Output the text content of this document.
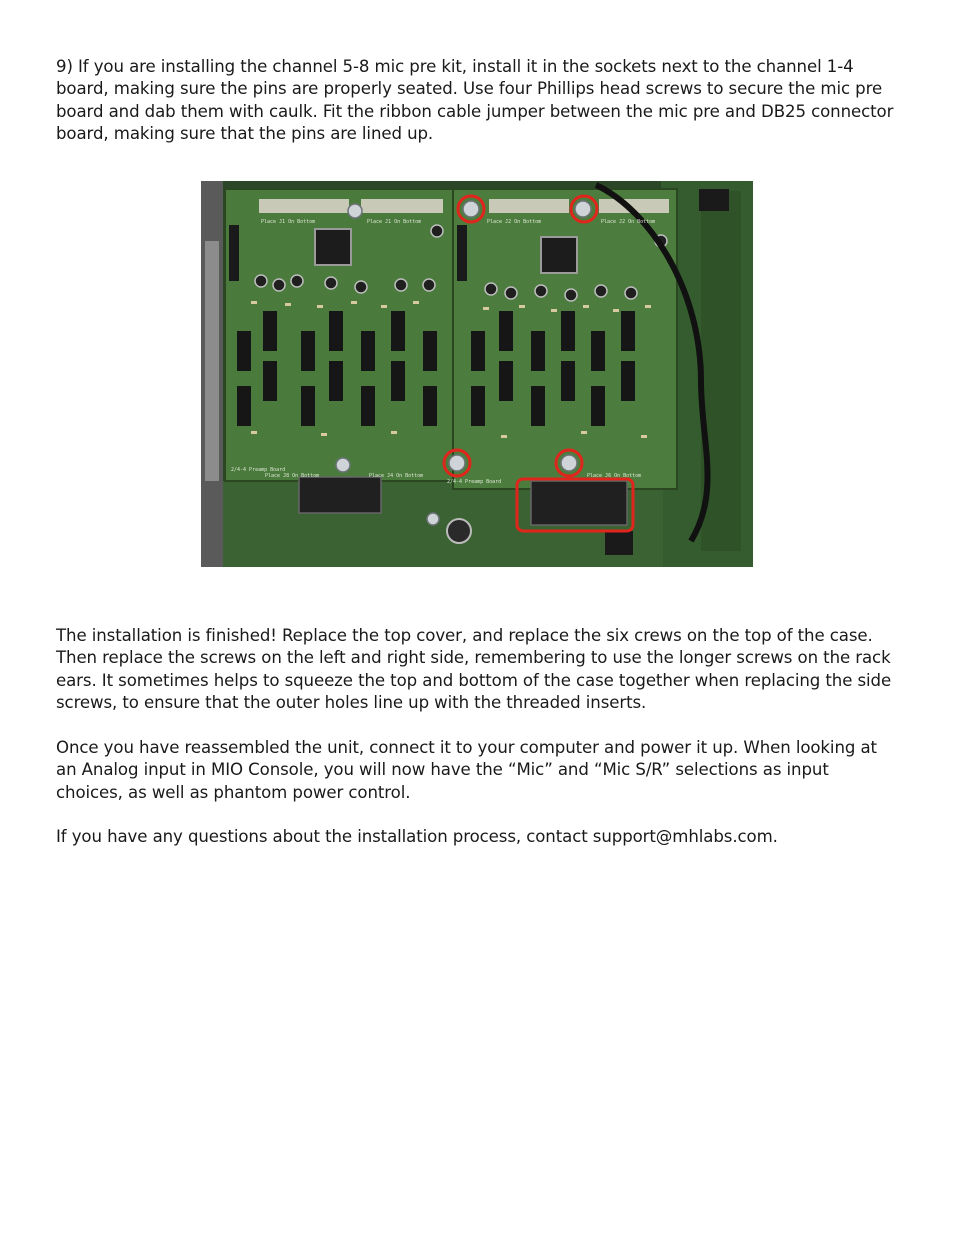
9) If you are installing the channel 5-8 mic pre kit, install it in the sockets next to the channel 1-4 board, making sure the pins are properly seated. Use four Phillips head screws to secure the mic pre board and dab them with caulk. Fit the ribbon cable jumper between the mic pre and DB25 connector board, making sure that the pins are lined up.

Place J1 On Bottom	Place J1 On Bottom	Place J2 On Bottom	Place J2 On Bottom
Place J8 On Bottom	Place J4 On Bottom	Place J6 On Bottom
2/4-4 Preamp Board
2/4-4 Preamp Board

The installation is finished! Replace the top cover, and replace the six crews on the top of the case. Then replace the screws on the left and right side, remembering to use the longer screws on the rack ears. It sometimes helps to squeeze the top and bottom of the case together when replacing the side screws, to ensure that the outer holes line up with the threaded inserts.

Once you have reassembled the unit, connect it to your computer and power it up. When looking at an Analog input in MIO Console, you will now have the “Mic” and “Mic S/R” selections as input choices, as well as phantom power control.

If you have any questions about the installation process, contact support@mhlabs.com.
